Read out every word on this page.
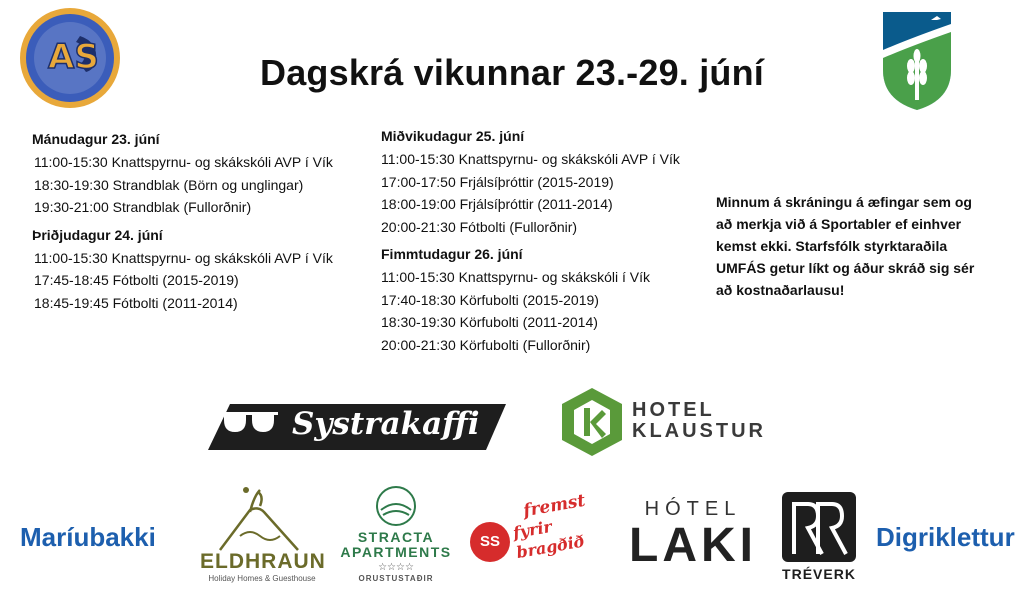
AS	Dagskrá vikunnar 23.-29. júní
Mánudagur 23. júní
11:00-15:30 Knattspyrnu- og skákskóli AVP í Vík
18:30-19:30 Strandblak (Börn og unglingar)
19:30-21:00 Strandblak (Fullorðnir)
Þriðjudagur 24. júní
11:00-15:30 Knattspyrnu- og skákskóli AVP í Vík
17:45-18:45 Fótbolti (2015-2019)
18:45-19:45 Fótbolti (2011-2014)
Miðvikudagur 25. júní
11:00-15:30 Knattspyrnu- og skákskóli AVP í Vík
17:00-17:50 Frjálsíþróttir (2015-2019)
18:00-19:00 Frjálsíþróttir (2011-2014)
20:00-21:30 Fótbolti (Fullorðnir)
Fimmtudagur 26. júní
11:00-15:30 Knattspyrnu- og skákskóli í Vík
17:40-18:30 Körfubolti (2015-2019)
18:30-19:30 Körfubolti (2011-2014)
20:00-21:30 Körfubolti (Fullorðnir)
Minnum á skráningu á æfingar sem og að merkja við á Sportabler ef einhver kemst ekki. Starfsfólk styrktaraðila UMFÁS getur líkt og áður skráð sig sér að kostnaðarlausu!
Systrakaffi	HOTEL
KLAUSTUR
Maríubakki
ELDHRAUN
Holiday Homes & Guesthouse
STRACTA
APARTMENTS
☆☆☆☆
ORUSTUSTAÐIR
SS
fremst
fyrir bragðið
HÓTEL
LAKI
TRÉVERK
Digriklettur
